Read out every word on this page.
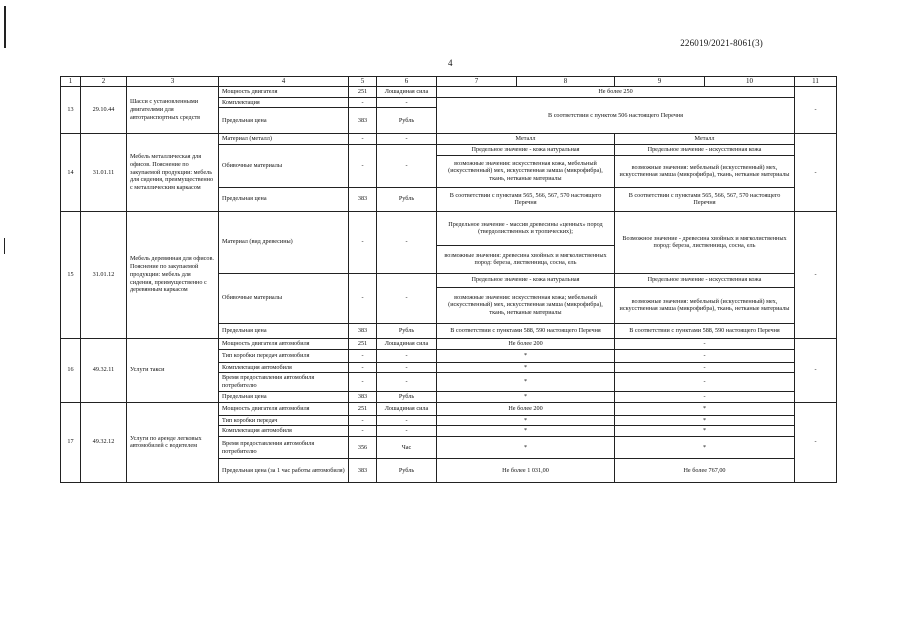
226019/2021-8061(3)
4
1	2	3	4	5	6	7	8	9	10	11
13	29.10.44	Шасси с установленными двигателями для автотранспортных средств	Мощность двигателя	251	Лошадиная сила	Не более 250				-
			Комплектация	-	-	В соответствии с пунктом 506 настоящего Перечня				
			Предельная цена	383	Рубль					
14	31.01.11	Мебель металлическая для офисов. Пояснение по закупаемой продукции: мебель для сидения, преимущественно с металлическим каркасом	Материал (металл)	-	-	Металл		Металл		-
			Обивочные материалы	-	-	Предельное значение - кожа натуральная		Предельное значение - искусственная кожа		
						возможные значения: искусственная кожа, мебельный (искусственный) мех, искусственная замша (микрофибра), ткань, нетканые материалы		возможные значения: мебельный (искусственный) мех, искусственная замша (микрофибра), ткань, нетканые материалы		

			Предельная цена	383	Рубль	В соответствии с пунктами 565, 566, 567, 570 настоящего Перечня		В соответствии с пунктами 565, 566, 567, 570 настоящего Перечня		
15	31.01.12	Мебель деревянная для офисов. Пояснение по закупаемой продукции: мебель для сидения, преимущественно с деревянным каркасом	Материал (вид древесины)	-	-	Предельное значение - массив древесины «ценных» пород (твердолиственных и тропических);		Возможное значение - древесина хвойных и мягколиственных пород: береза, лиственница, сосна, ель		-
						возможные значения: древесина хвойных и мягколиственных пород: береза, лиственница, сосна, ель				
			Обивочные материалы	-	-	Предельное значение - кожа натуральная		Предельное значение - искусственная кожа		
						возможные значения: искусственная кожа; мебельный (искусственный) мех, искусственная замша (микрофибра), ткань, нетканые материалы		возможные значения: мебельный (искусственный) мех, искусственная замша (микрофибра), ткань, нетканые материалы		
			Предельная цена	383	Рубль	В соответствии с пунктами 588, 590 настоящего Перечня		В соответствии с пунктами 588, 590 настоящего Перечня		
16	49.32.11	Услуги такси	Мощность двигателя автомобиля	251	Лошадиная сила	Не более 200		-		-
			Тип коробки передач автомобиля	-	-	*		-		
			Комплектация автомобиля	-	-	*		-		
			Время предоставления автомобиля потребителю	-	-	*		-		
			Предельная цена	383	Рубль	*		-		
17	49.32.12	Услуги по аренде легковых автомобилей с водителем	Мощность двигателя автомобиля	251	Лошадиная сила	Не более 200		*		-
			Тип коробки передач	-	-	*		*		
			Комплектация автомобиля	-	-	*		*		
			Время предоставления автомобиля потребителю	356	Час	*		*		
			Предельная цена (за 1 час работы автомобиля)	383	Рубль	Не более 1 031,00		Не более 767,00		
